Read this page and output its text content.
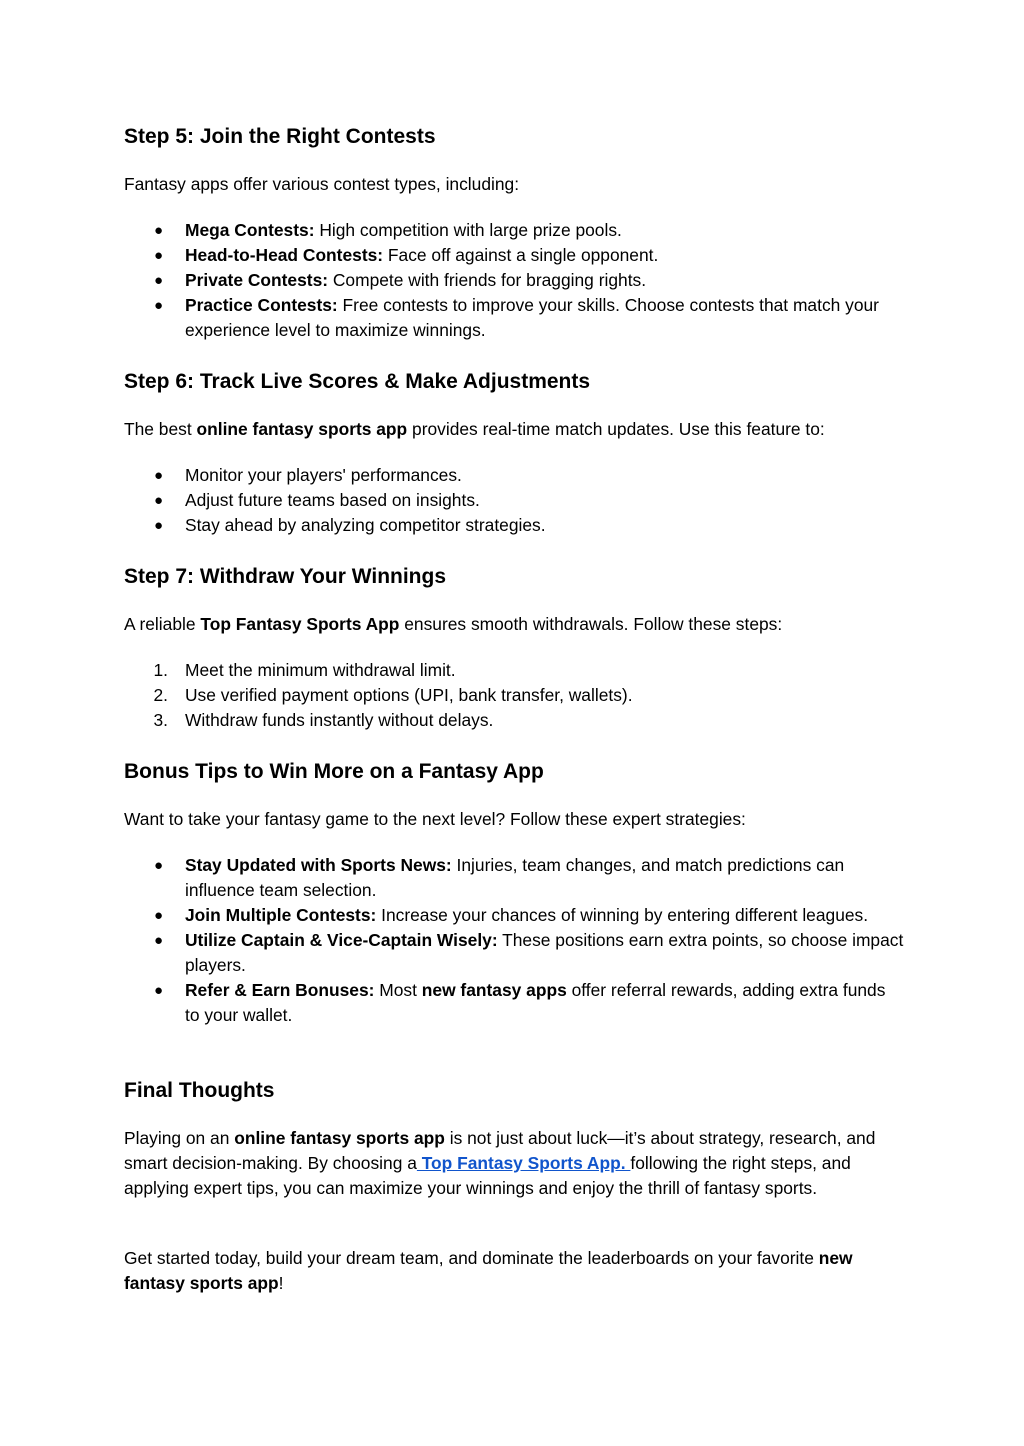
Step 5: Join the Right Contests

Fantasy apps offer various contest types, including:

● Mega Contests: High competition with large prize pools.
● Head-to-Head Contests: Face off against a single opponent.
● Private Contests: Compete with friends for bragging rights.
● Practice Contests: Free contests to improve your skills. Choose contests that match your experience level to maximize winnings.
Step 6: Track Live Scores & Make Adjustments

The best online fantasy sports app provides real-time match updates. Use this feature to:

● Monitor your players' performances.
● Adjust future teams based on insights.
● Stay ahead by analyzing competitor strategies.
Step 7: Withdraw Your Winnings

A reliable Top Fantasy Sports App ensures smooth withdrawals. Follow these steps:

1. Meet the minimum withdrawal limit.
2. Use verified payment options (UPI, bank transfer, wallets).
3. Withdraw funds instantly without delays.
Bonus Tips to Win More on a Fantasy App

Want to take your fantasy game to the next level? Follow these expert strategies:

● Stay Updated with Sports News: Injuries, team changes, and match predictions can influence team selection.
● Join Multiple Contests: Increase your chances of winning by entering different leagues.
● Utilize Captain & Vice-Captain Wisely: These positions earn extra points, so choose impact players.
● Refer & Earn Bonuses: Most new fantasy apps offer referral rewards, adding extra funds to your wallet.
Final Thoughts

Playing on an online fantasy sports app is not just about luck—it’s about strategy, research, and smart decision-making. By choosing a Top Fantasy Sports App. following the right steps, and applying expert tips, you can maximize your winnings and enjoy the thrill of fantasy sports.

Get started today, build your dream team, and dominate the leaderboards on your favorite new fantasy sports app!
